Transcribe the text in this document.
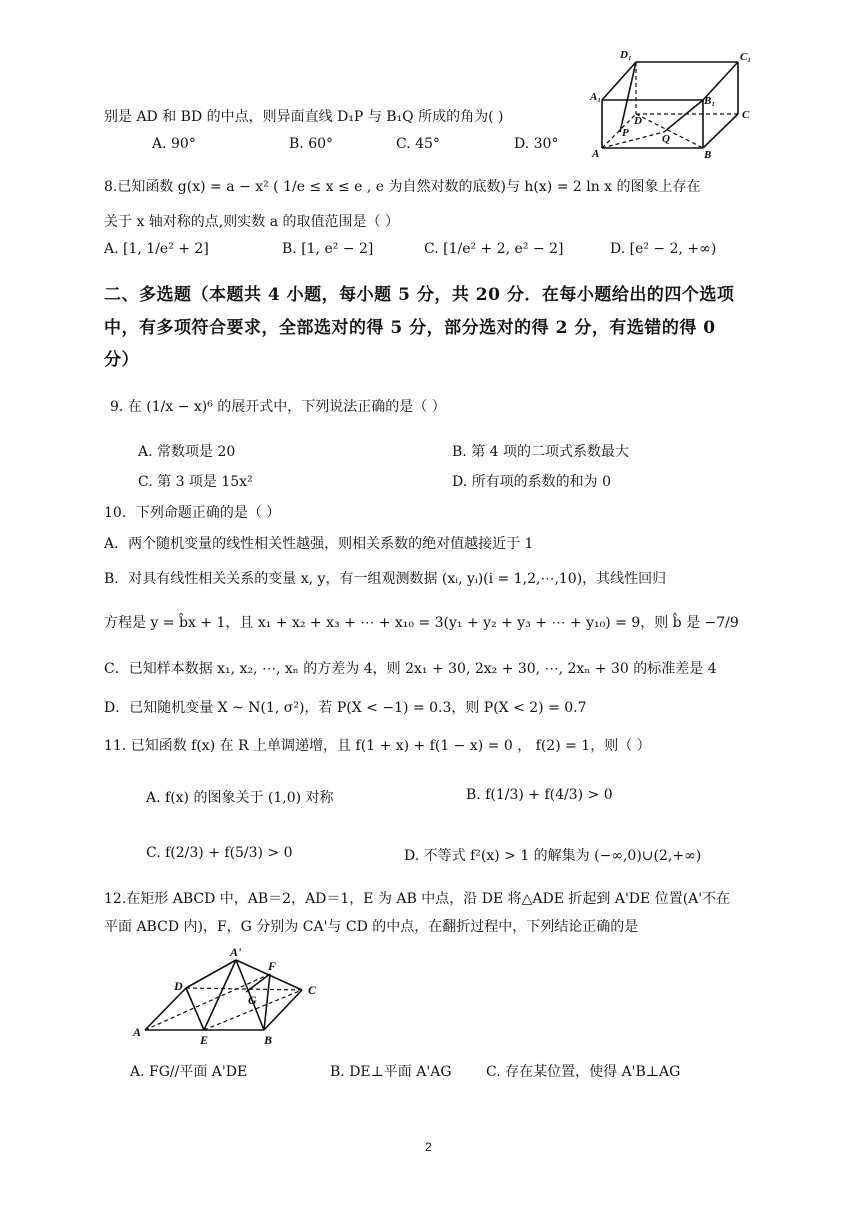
别是 AD 和 BD 的中点，则异面直线 D₁P 与 B₁Q 所成的角为( )
A. 90°	B. 60°	C. 45°	D. 30°
D₁	C₁
A₁	B₁
D	C
A	B
P	Q
8.已知函数 g(x) = a − x² ( 1/e ≤ x ≤ e , e 为自然对数的底数)与 h(x) = 2 ln x 的图象上存在
关于 x 轴对称的点,则实数 a 的取值范围是（ ）
A. [1, 1/e² + 2]	B. [1, e² − 2]	C. [1/e² + 2, e² − 2]	D. [e² − 2, +∞)
二、多选题（本题共 4 小题，每小题 5 分，共 20 分．在每小题给出的四个选项
中，有多项符合要求，全部选对的得 5 分，部分选对的得 2 分，有选错的得 0
分）
9. 在 (1/x − x)⁶ 的展开式中，下列说法正确的是（ ）
A. 常数项是 20	B. 第 4 项的二项式系数最大
C. 第 3 项是 15x²	D. 所有项的系数的和为 0
10．下列命题正确的是（ ）
A．两个随机变量的线性相关性越强，则相关系数的绝对值越接近于 1
B．对具有线性相关关系的变量 x, y，有一组观测数据 (xᵢ, yᵢ)(i = 1,2,⋯,10)，其线性回归
方程是 y = b̂x + 1，且 x₁ + x₂ + x₃ + ⋯ + x₁₀ = 3(y₁ + y₂ + y₃ + ⋯ + y₁₀) = 9，则 b̂ 是 −7/9
C．已知样本数据 x₁, x₂, ⋯, xₙ 的方差为 4，则 2x₁ + 30, 2x₂ + 30, ⋯, 2xₙ + 30 的标准差是 4
D．已知随机变量 X ~ N(1, σ²)，若 P(X < −1) = 0.3，则 P(X < 2) = 0.7
11. 已知函数 f(x) 在 R 上单调递增，且 f(1 + x) + f(1 − x) = 0 ， f(2) = 1，则（ ）
A. f(x) 的图象关于 (1,0) 对称	B. f(1/3) + f(4/3) > 0
C. f(2/3) + f(5/3) > 0	D. 不等式 f²(x) > 1 的解集为 (−∞,0)∪(2,+∞)
12.在矩形 ABCD 中，AB＝2，AD＝1，E 为 AB 中点，沿 DE 将△ADE 折起到 A'DE 位置(A'不在
平面 ABCD 内)，F，G 分别为 CA'与 CD 的中点，在翻折过程中，下列结论正确的是
A'
F
D
G
C
A
E	B
A. FG//平面 A'DE	B. DE⊥平面 A'AG C. 存在某位置，使得 A'B⊥AG
2
